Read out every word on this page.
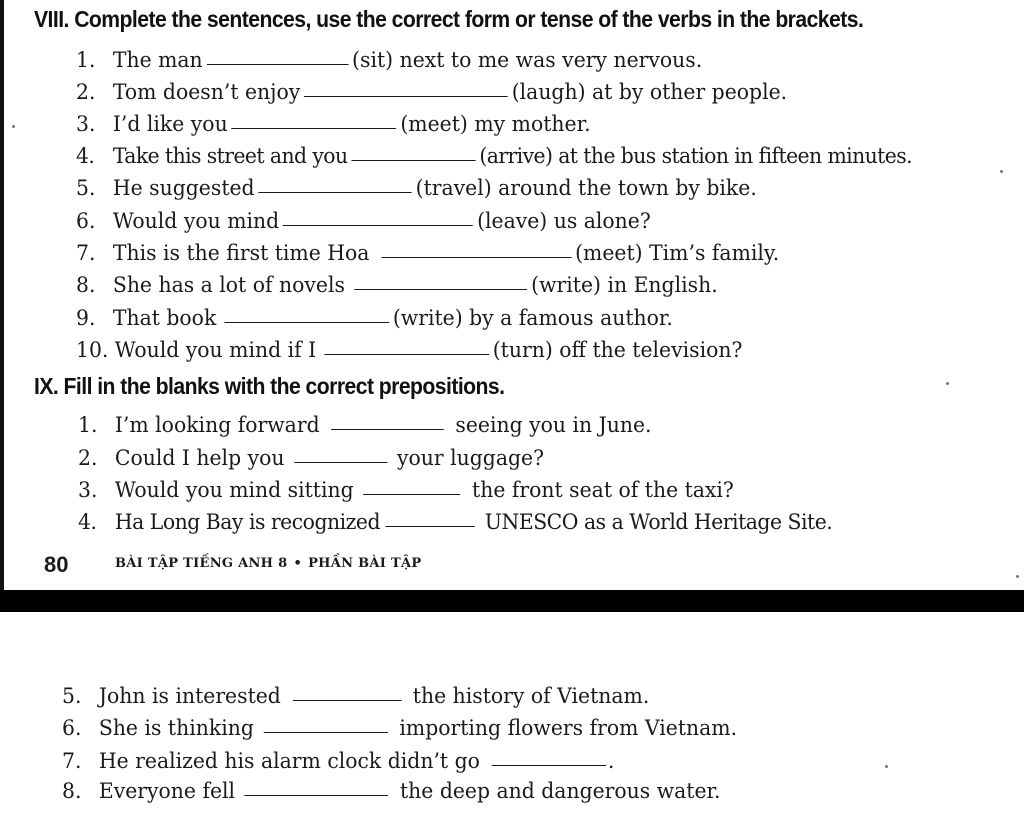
VIII. Complete the sentences, use the correct form or tense of the verbs in the brackets.
1. The man	(sit) next to me was very nervous.
2. Tom doesn’t enjoy	(laugh) at by other people.
3. I’d like you	(meet) my mother.
4. Take this street and you	(arrive) at the bus station in fifteen minutes.
5. He suggested	(travel) around the town by bike.
6. Would you mind	(leave) us alone?
7. This is the first time Hoa	(meet) Tim’s family.
8. She has a lot of novels	(write) in English.
9. That book	(write) by a famous author.
10. Would you mind if I	(turn) off the television?
IX. Fill in the blanks with the correct prepositions.
1. I’m looking forward	seeing you in June.
2. Could I help you	your luggage?
3. Would you mind sitting	the front seat of the taxi?
4. Ha Long Bay is recognized	UNESCO as a World Heritage Site.
80	BÀI TẬP TIẾNG ANH 8 • PHẦN BÀI TẬP
5. John is interested	the history of Vietnam.
6. She is thinking	importing flowers from Vietnam.
7. He realized his alarm clock didn’t go	.
8. Everyone fell	the deep and dangerous water.
